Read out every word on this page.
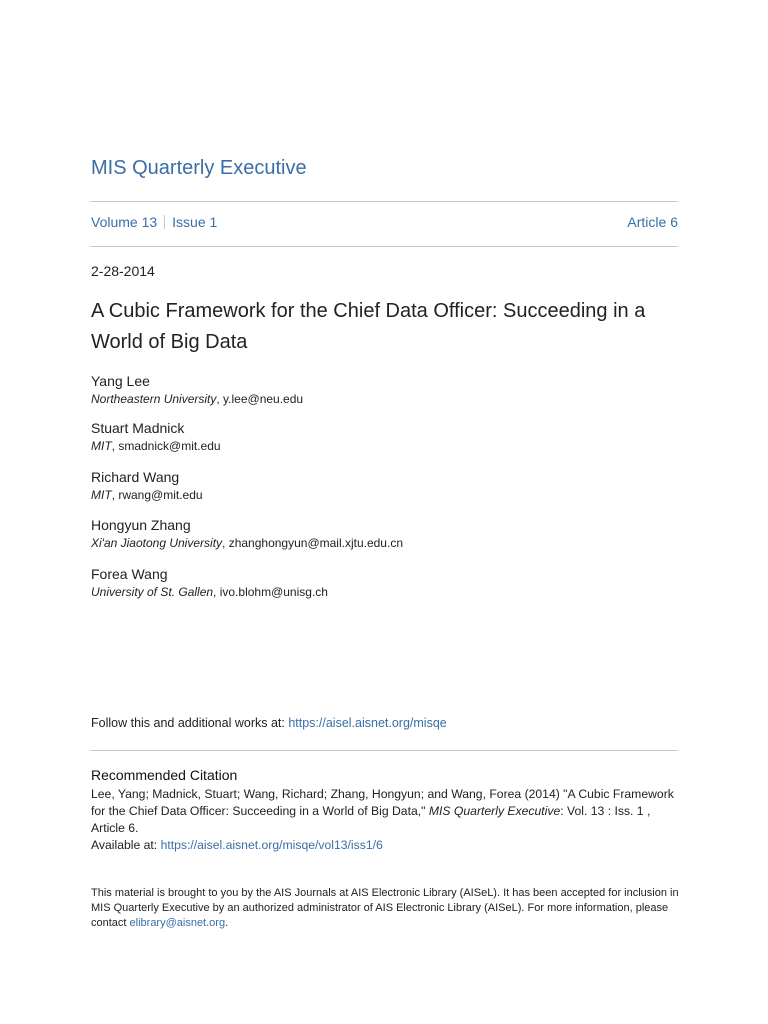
MIS Quarterly Executive
Volume 13 Issue 1	Article 6
2-28-2014
A Cubic Framework for the Chief Data Officer: Succeeding in a World of Big Data
Yang Lee
Northeastern University, y.lee@neu.edu
Stuart Madnick
MIT, smadnick@mit.edu
Richard Wang
MIT, rwang@mit.edu
Hongyun Zhang
Xi'an Jiaotong University, zhanghongyun@mail.xjtu.edu.cn
Forea Wang
University of St. Gallen, ivo.blohm@unisg.ch
Follow this and additional works at: https://aisel.aisnet.org/misqe
Recommended Citation
Lee, Yang; Madnick, Stuart; Wang, Richard; Zhang, Hongyun; and Wang, Forea (2014) "A Cubic Framework for the Chief Data Officer: Succeeding in a World of Big Data," MIS Quarterly Executive: Vol. 13 : Iss. 1 , Article 6.
Available at: https://aisel.aisnet.org/misqe/vol13/iss1/6
This material is brought to you by the AIS Journals at AIS Electronic Library (AISeL). It has been accepted for inclusion in MIS Quarterly Executive by an authorized administrator of AIS Electronic Library (AISeL). For more information, please contact elibrary@aisnet.org.
